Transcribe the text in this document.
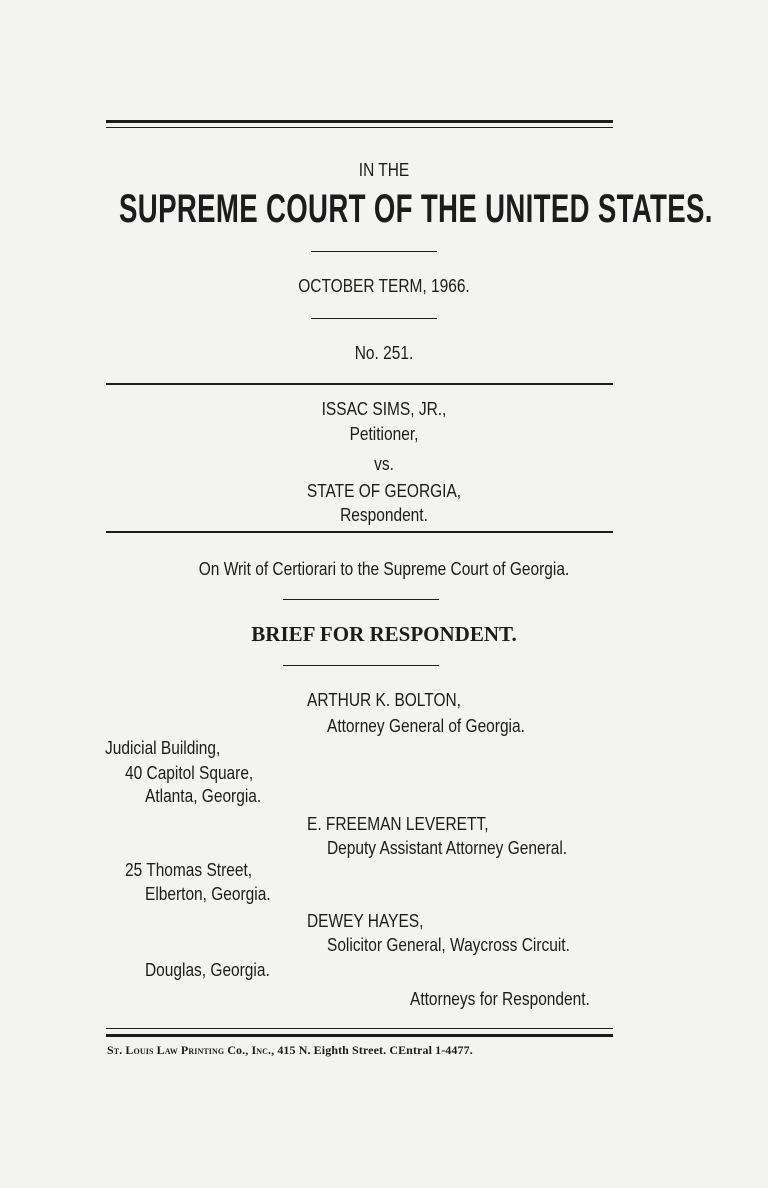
IN THE
SUPREME COURT OF THE UNITED STATES.
OCTOBER TERM, 1966.
No. 251.
ISSAC SIMS, JR.,
Petitioner,
vs.
STATE OF GEORGIA,
Respondent.
On Writ of Certiorari to the Supreme Court of Georgia.
BRIEF FOR RESPONDENT.
ARTHUR K. BOLTON,
Attorney General of Georgia.
Judicial Building,
40 Capitol Square,
Atlanta, Georgia.
E. FREEMAN LEVERETT,
Deputy Assistant Attorney General.
25 Thomas Street,
Elberton, Georgia.
DEWEY HAYES,
Solicitor General, Waycross Circuit.
Douglas, Georgia.
Attorneys for Respondent.
St. Louis Law Printing Co., Inc., 415 N. Eighth Street. CEntral 1-4477.
